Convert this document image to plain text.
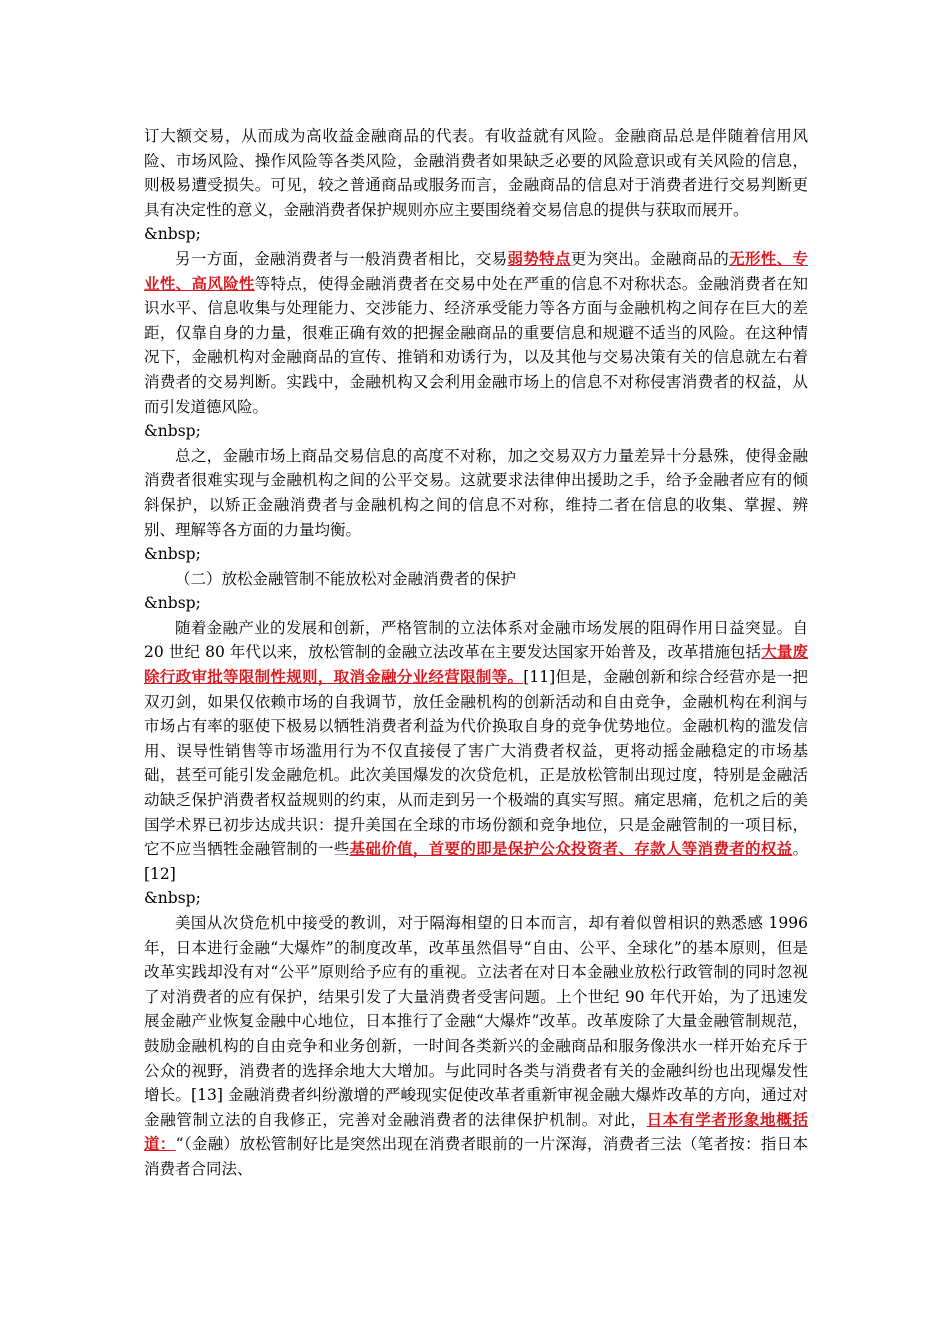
订大额交易，从而成为高收益金融商品的代表。有收益就有风险。金融商品总是伴随着信用风险、市场风险、操作风险等各类风险，金融消费者如果缺乏必要的风险意识或有关风险的信息，则极易遭受损失。可见，较之普通商品或服务而言，金融商品的信息对于消费者进行交易判断更具有决定性的意义，金融消费者保护规则亦应主要围绕着交易信息的提供与获取而展开。

&nbsp;

另一方面，金融消费者与一般消费者相比，交易弱势特点更为突出。金融商品的无形性、专业性、高风险性等特点，使得金融消费者在交易中处在严重的信息不对称状态。金融消费者在知识水平、信息收集与处理能力、交涉能力、经济承受能力等各方面与金融机构之间存在巨大的差距，仅靠自身的力量，很难正确有效的把握金融商品的重要信息和规避不适当的风险。在这种情况下，金融机构对金融商品的宣传、推销和劝诱行为，以及其他与交易决策有关的信息就左右着消费者的交易判断。实践中，金融机构又会利用金融市场上的信息不对称侵害消费者的权益，从而引发道德风险。

&nbsp;

总之，金融市场上商品交易信息的高度不对称，加之交易双方力量差异十分悬殊，使得金融消费者很难实现与金融机构之间的公平交易。这就要求法律伸出援助之手，给予金融者应有的倾斜保护，以矫正金融消费者与金融机构之间的信息不对称，维持二者在信息的收集、掌握、辨别、理解等各方面的力量均衡。

&nbsp;

（二）放松金融管制不能放松对金融消费者的保护

&nbsp;

随着金融产业的发展和创新，严格管制的立法体系对金融市场发展的阻碍作用日益突显。自 20 世纪 80 年代以来，放松管制的金融立法改革在主要发达国家开始普及，改革措施包括大量废除行政审批等限制性规则，取消金融分业经营限制等。[11]但是，金融创新和综合经营亦是一把双刃剑，如果仅依赖市场的自我调节，放任金融机构的创新活动和自由竞争，金融机构在利润与市场占有率的驱使下极易以牺牲消费者利益为代价换取自身的竞争优势地位。金融机构的滥发信用、误导性销售等市场滥用行为不仅直接侵了害广大消费者权益，更将动摇金融稳定的市场基础，甚至可能引发金融危机。此次美国爆发的次贷危机，正是放松管制出现过度，特别是金融活动缺乏保护消费者权益规则的约束，从而走到另一个极端的真实写照。痛定思痛，危机之后的美国学术界已初步达成共识：提升美国在全球的市场份额和竞争地位，只是金融管制的一项目标，它不应当牺牲金融管制的一些基础价值，首要的即是保护公众投资者、存款人等消费者的权益。[12]

&nbsp;

美国从次贷危机中接受的教训，对于隔海相望的日本而言，却有着似曾相识的熟悉感 1996 年，日本进行金融“大爆炸”的制度改革，改革虽然倡导“自由、公平、全球化”的基本原则，但是改革实践却没有对“公平”原则给予应有的重视。立法者在对日本金融业放松行政管制的同时忽视了对消费者的应有保护，结果引发了大量消费者受害问题。上个世纪 90 年代开始，为了迅速发展金融产业恢复金融中心地位，日本推行了金融“大爆炸”改革。改革废除了大量金融管制规范，鼓励金融机构的自由竞争和业务创新，一时间各类新兴的金融商品和服务像洪水一样开始充斥于公众的视野，消费者的选择余地大大增加。与此同时各类与消费者有关的金融纠纷也出现爆发性增长。[13] 金融消费者纠纷激增的严峻现实促使改革者重新审视金融大爆炸改革的方向，通过对金融管制立法的自我修正，完善对金融消费者的法律保护机制。对此，日本有学者形象地概括道：“（金融）放松管制好比是突然出现在消费者眼前的一片深海，消费者三法（笔者按：指日本消费者合同法、
